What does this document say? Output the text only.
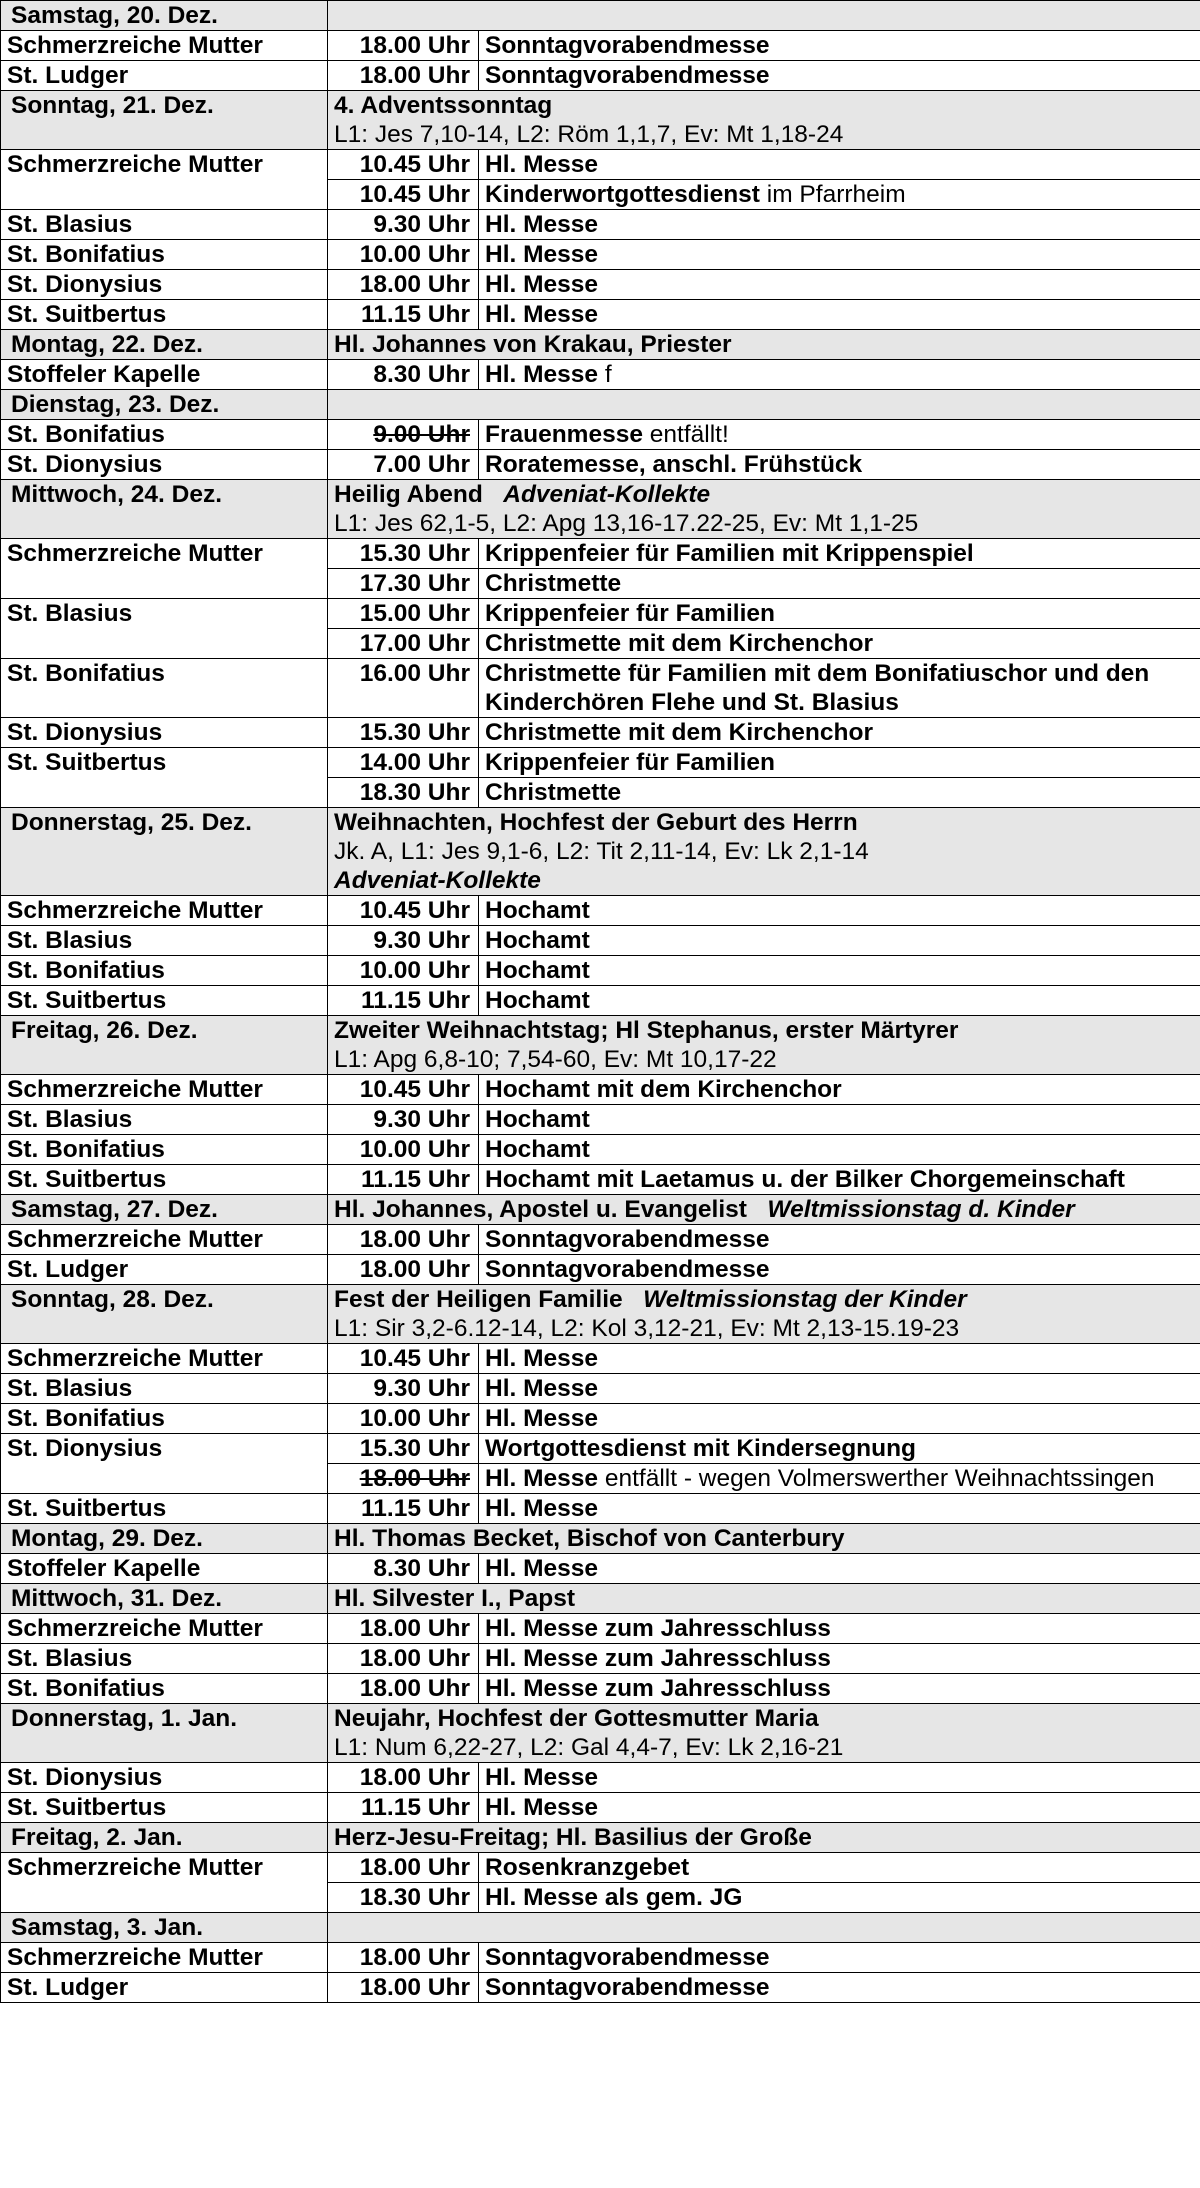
Samstag, 20. Dez.		
Schmerzreiche Mutter	18.00 Uhr	Sonntagvorabendmesse
St. Ludger	18.00 Uhr	Sonntagvorabendmesse
Sonntag, 21. Dez.	4. Adventssonntag
L1: Jes 7,10-14, L2: Röm 1,1,7, Ev: Mt 1,18-24	

Schmerzreiche Mutter	10.45 Uhr	Hl. Messe
	10.45 Uhr	Kinderwortgottesdienst im Pfarrheim
St. Blasius	9.30 Uhr	Hl. Messe
St. Bonifatius	10.00 Uhr	Hl. Messe
St. Dionysius	18.00 Uhr	Hl. Messe
St. Suitbertus	11.15 Uhr	Hl. Messe
Montag, 22. Dez.	Hl. Johannes von Krakau, Priester	

Stoffeler Kapelle	8.30 Uhr	Hl. Messe f
Dienstag, 23. Dez.		
St. Bonifatius	9.00 Uhr	Frauenmesse entfällt!
St. Dionysius	7.00 Uhr	Roratemesse, anschl. Frühstück
Mittwoch, 24. Dez.	Heilig Abend Adveniat-Kollekte
L1: Jes 62,1-5, L2: Apg 13,16-17.22-25, Ev: Mt 1,1-25	

Schmerzreiche Mutter	15.30 Uhr	Krippenfeier für Familien mit Krippenspiel
	17.30 Uhr	Christmette
St. Blasius	15.00 Uhr	Krippenfeier für Familien
	17.00 Uhr	Christmette mit dem Kirchenchor
St. Bonifatius	16.00 Uhr	Christmette für Familien mit dem Bonifatiuschor und den Kinderchören Flehe und St. Blasius
St. Dionysius	15.30 Uhr	Christmette mit dem Kirchenchor
St. Suitbertus	14.00 Uhr	Krippenfeier für Familien
	18.30 Uhr	Christmette
Donnerstag, 25. Dez.	Weihnachten, Hochfest der Geburt des Herrn
Jk. A, L1: Jes 9,1-6, L2: Tit 2,11-14, Ev: Lk 2,1-14
Adveniat-Kollekte	
Schmerzreiche Mutter	10.45 Uhr	Hochamt
St. Blasius	9.30 Uhr	Hochamt
St. Bonifatius	10.00 Uhr	Hochamt
St. Suitbertus	11.15 Uhr	Hochamt
Freitag, 26. Dez.	Zweiter Weihnachtstag; Hl Stephanus, erster Märtyrer
L1: Apg 6,8-10; 7,54-60, Ev: Mt 10,17-22	

Schmerzreiche Mutter	10.45 Uhr	Hochamt mit dem Kirchenchor
St. Blasius	9.30 Uhr	Hochamt
St. Bonifatius	10.00 Uhr	Hochamt
St. Suitbertus	11.15 Uhr	Hochamt mit Laetamus u. der Bilker Chorgemeinschaft
Samstag, 27. Dez.	Hl. Johannes, Apostel u. Evangelist Weltmissionstag d. Kinder	

Schmerzreiche Mutter	18.00 Uhr	Sonntagvorabendmesse
St. Ludger	18.00 Uhr	Sonntagvorabendmesse
Sonntag, 28. Dez.	Fest der Heiligen Familie Weltmissionstag der Kinder
L1: Sir 3,2-6.12-14, L2: Kol 3,12-21, Ev: Mt 2,13-15.19-23	

Schmerzreiche Mutter	10.45 Uhr	Hl. Messe
St. Blasius	9.30 Uhr	Hl. Messe
St. Bonifatius	10.00 Uhr	Hl. Messe
St. Dionysius	15.30 Uhr	Wortgottesdienst mit Kindersegnung
	18.00 Uhr	Hl. Messe entfällt - wegen Volmerswerther Weihnachtssingen
St. Suitbertus	11.15 Uhr	Hl. Messe
Montag, 29. Dez.	Hl. Thomas Becket, Bischof von Canterbury	

Stoffeler Kapelle	8.30 Uhr	Hl. Messe
Mittwoch, 31. Dez.	Hl. Silvester I., Papst	

Schmerzreiche Mutter	18.00 Uhr	Hl. Messe zum Jahresschluss
St. Blasius	18.00 Uhr	Hl. Messe zum Jahresschluss
St. Bonifatius	18.00 Uhr	Hl. Messe zum Jahresschluss
Donnerstag, 1. Jan.	Neujahr, Hochfest der Gottesmutter Maria
L1: Num 6,22-27, L2: Gal 4,4-7, Ev: Lk 2,16-21	

St. Dionysius	18.00 Uhr	Hl. Messe
St. Suitbertus	11.15 Uhr	Hl. Messe
Freitag, 2. Jan.	Herz-Jesu-Freitag; Hl. Basilius der Große	

Schmerzreiche Mutter	18.00 Uhr	Rosenkranzgebet
	18.30 Uhr	Hl. Messe als gem. JG
Samstag, 3. Jan.		
Schmerzreiche Mutter	18.00 Uhr	Sonntagvorabendmesse
St. Ludger	18.00 Uhr	Sonntagvorabendmesse
